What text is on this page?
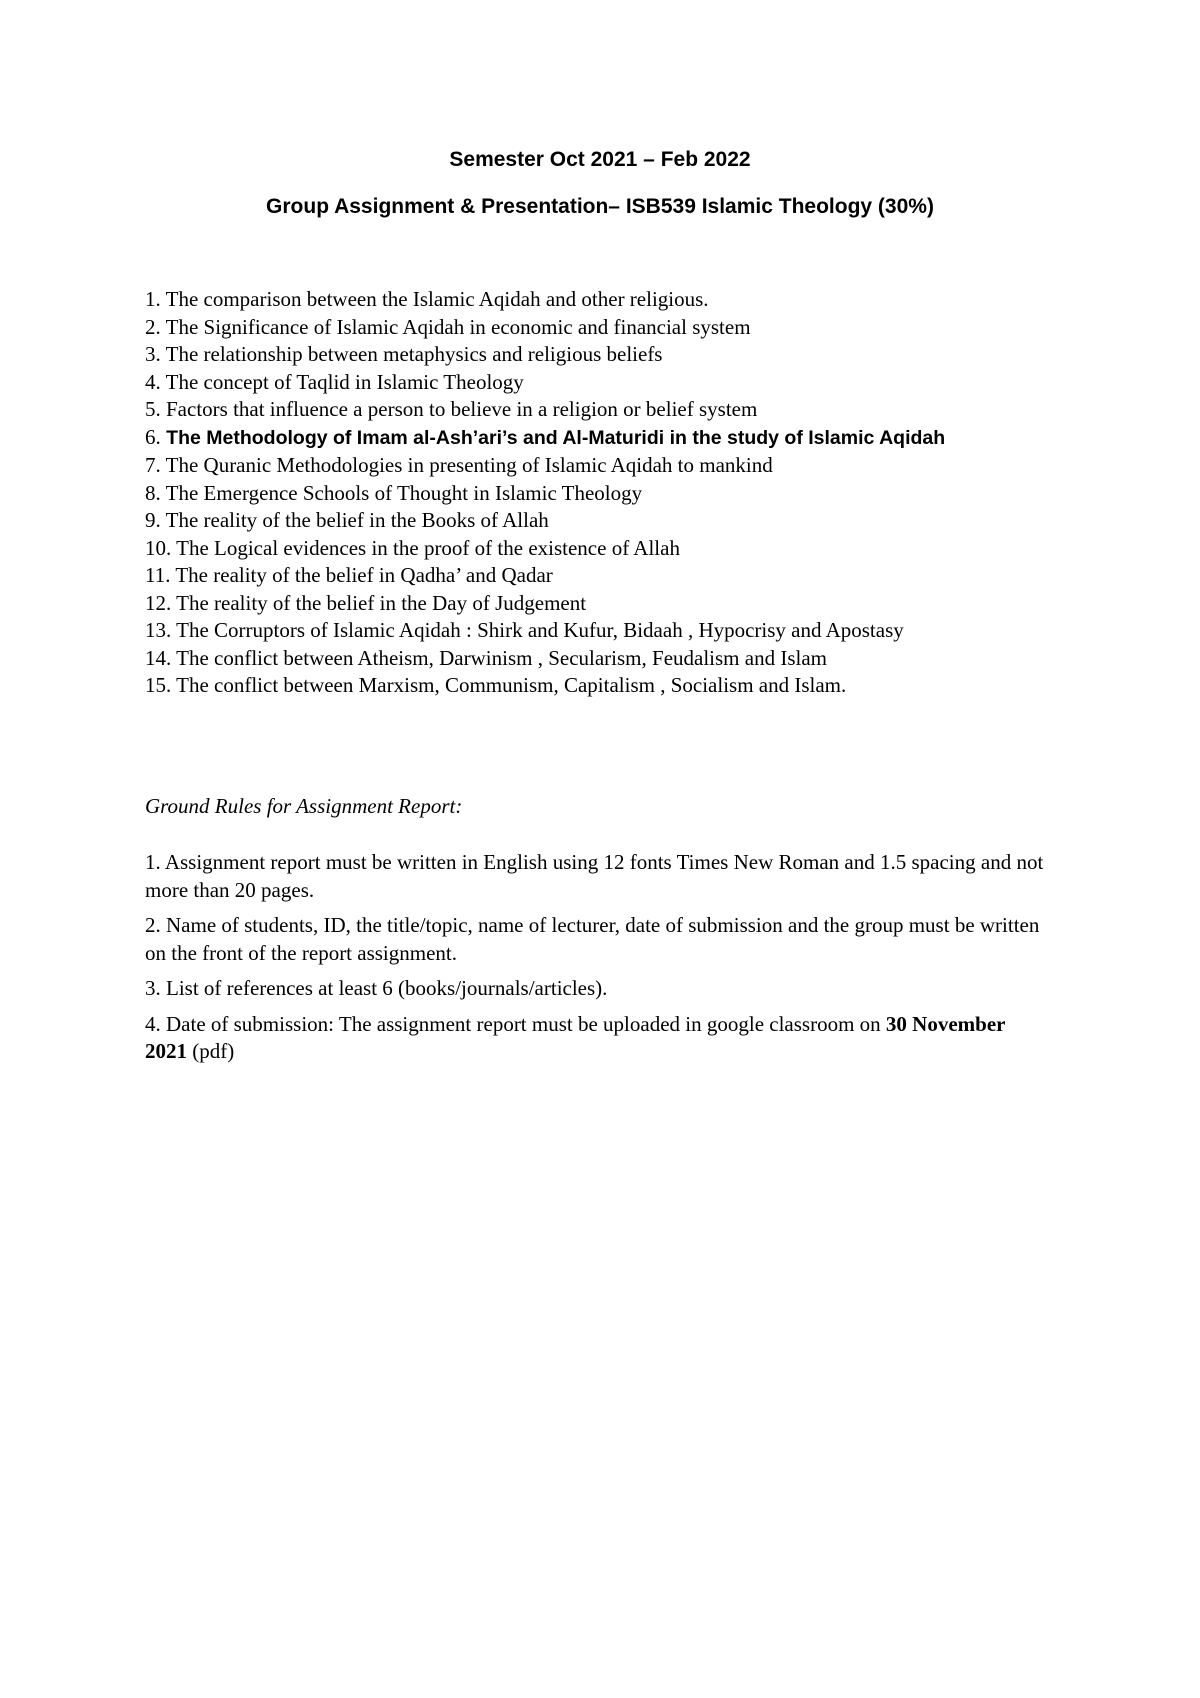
Semester Oct 2021 – Feb 2022
Group Assignment & Presentation– ISB539 Islamic Theology (30%)
1. The comparison between the Islamic Aqidah and other religious.
2. The Significance of Islamic Aqidah in economic and financial system
3. The relationship between metaphysics and religious beliefs
4. The concept of Taqlid in Islamic Theology
5. Factors that influence a person to believe in a religion or belief system
6. The Methodology of Imam al-Ash’ari’s and Al-Maturidi in the study of Islamic Aqidah
7. The Quranic Methodologies in presenting of Islamic Aqidah to mankind
8. The Emergence Schools of Thought in Islamic Theology
9. The reality of the belief in the Books of Allah
10. The Logical evidences in the proof of the existence of Allah
11. The reality of the belief in Qadha’ and Qadar
12. The reality of the belief in the Day of Judgement
13. The Corruptors of Islamic Aqidah : Shirk and Kufur, Bidaah , Hypocrisy and Apostasy
14. The conflict between Atheism, Darwinism , Secularism, Feudalism and Islam
15. The conflict between Marxism, Communism, Capitalism , Socialism and Islam.
Ground Rules for Assignment Report:
1. Assignment report must be written in English using 12 fonts Times New Roman and 1.5 spacing and not more than 20 pages.
2. Name of students, ID, the title/topic, name of lecturer, date of submission and the group must be written on the front of the report assignment.
3. List of references at least 6 (books/journals/articles).
4. Date of submission: The assignment report must be uploaded in google classroom on 30 November 2021 (pdf)
